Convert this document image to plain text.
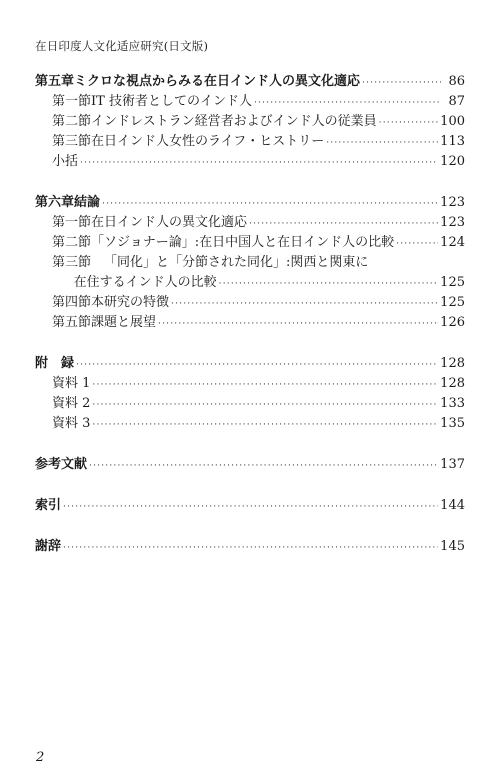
在日印度人文化适应研究(日文版)
第五章 ミクロな視点からみる在日インド人の異文化適応 ·····	86
第一節 IT 技術者としてのインド人 ·····	87
第二節 インドレストラン経営者およびインド人の従業員 ·····	100
第三節 在日インド人女性のライフ・ヒストリー ·····	113
小括 ·····	120
第六章 結論 ·····	123
第一節 在日インド人の異文化適応 ·····	123
第二節 「ソジョナー論」:在日中国人と在日インド人の比較 ·····	124
第三節 「同化」と「分節された同化」:関西と関東に
在住するインド人の比較 ·····	125
第四節 本研究の特徴 ·····	125
第五節 課題と展望 ·····	126
附　録 ·····	128
資料 1 ·····	128
資料 2 ·····	133
資料 3 ·····	135
参考文献 ·····	137
索引 ·····	144
謝辞 ·····	145
2
